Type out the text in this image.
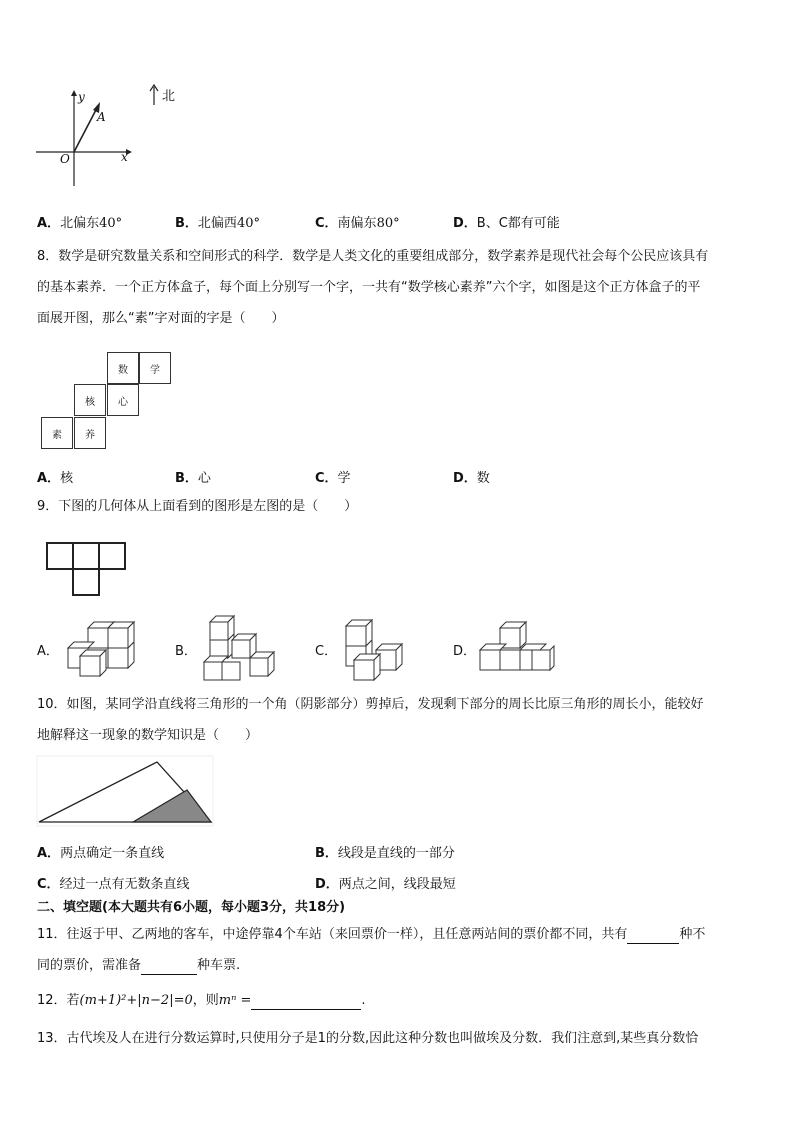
y
A
O	x
北
A．北偏东40°	B．北偏西40°	C．南偏东80°	D．B、C都有可能
8．数学是研究数量关系和空间形式的科学．数学是人类文化的重要组成部分，数学素养是现代社会每个公民应该具有
的基本素养．一个正方体盒子，每个面上分别写一个字，一共有“数学核心素养”六个字，如图是这个正方体盒子的平
面展开图，那么“素”字对面的字是（　　）
数	学
核	心
素	养
A．核	B．心	C．学	D．数
9．下图的几何体从上面看到的图形是左图的是（　　）
A．	B．	C．	D．
10．如图，某同学沿直线将三角形的一个角（阴影部分）剪掉后，发现剩下部分的周长比原三角形的周长小，能较好
地解释这一现象的数学知识是（　　）
A．两点确定一条直线	B．线段是直线的一部分
C．经过一点有无数条直线	D．两点之间，线段最短
二、填空题(本大题共有6小题，每小题3分，共18分)
11．往返于甲、乙两地的客车，中途停靠4个车站（来回票价一样），且任意两站间的票价都不同，共有	种不
同的票价，需准备	种车票.
12．若(m+1)²+|n−2|=0，则mⁿ =	.
13．古代埃及人在进行分数运算时,只使用分子是1的分数,因此这种分数也叫做埃及分数．我们注意到,某些真分数恰
